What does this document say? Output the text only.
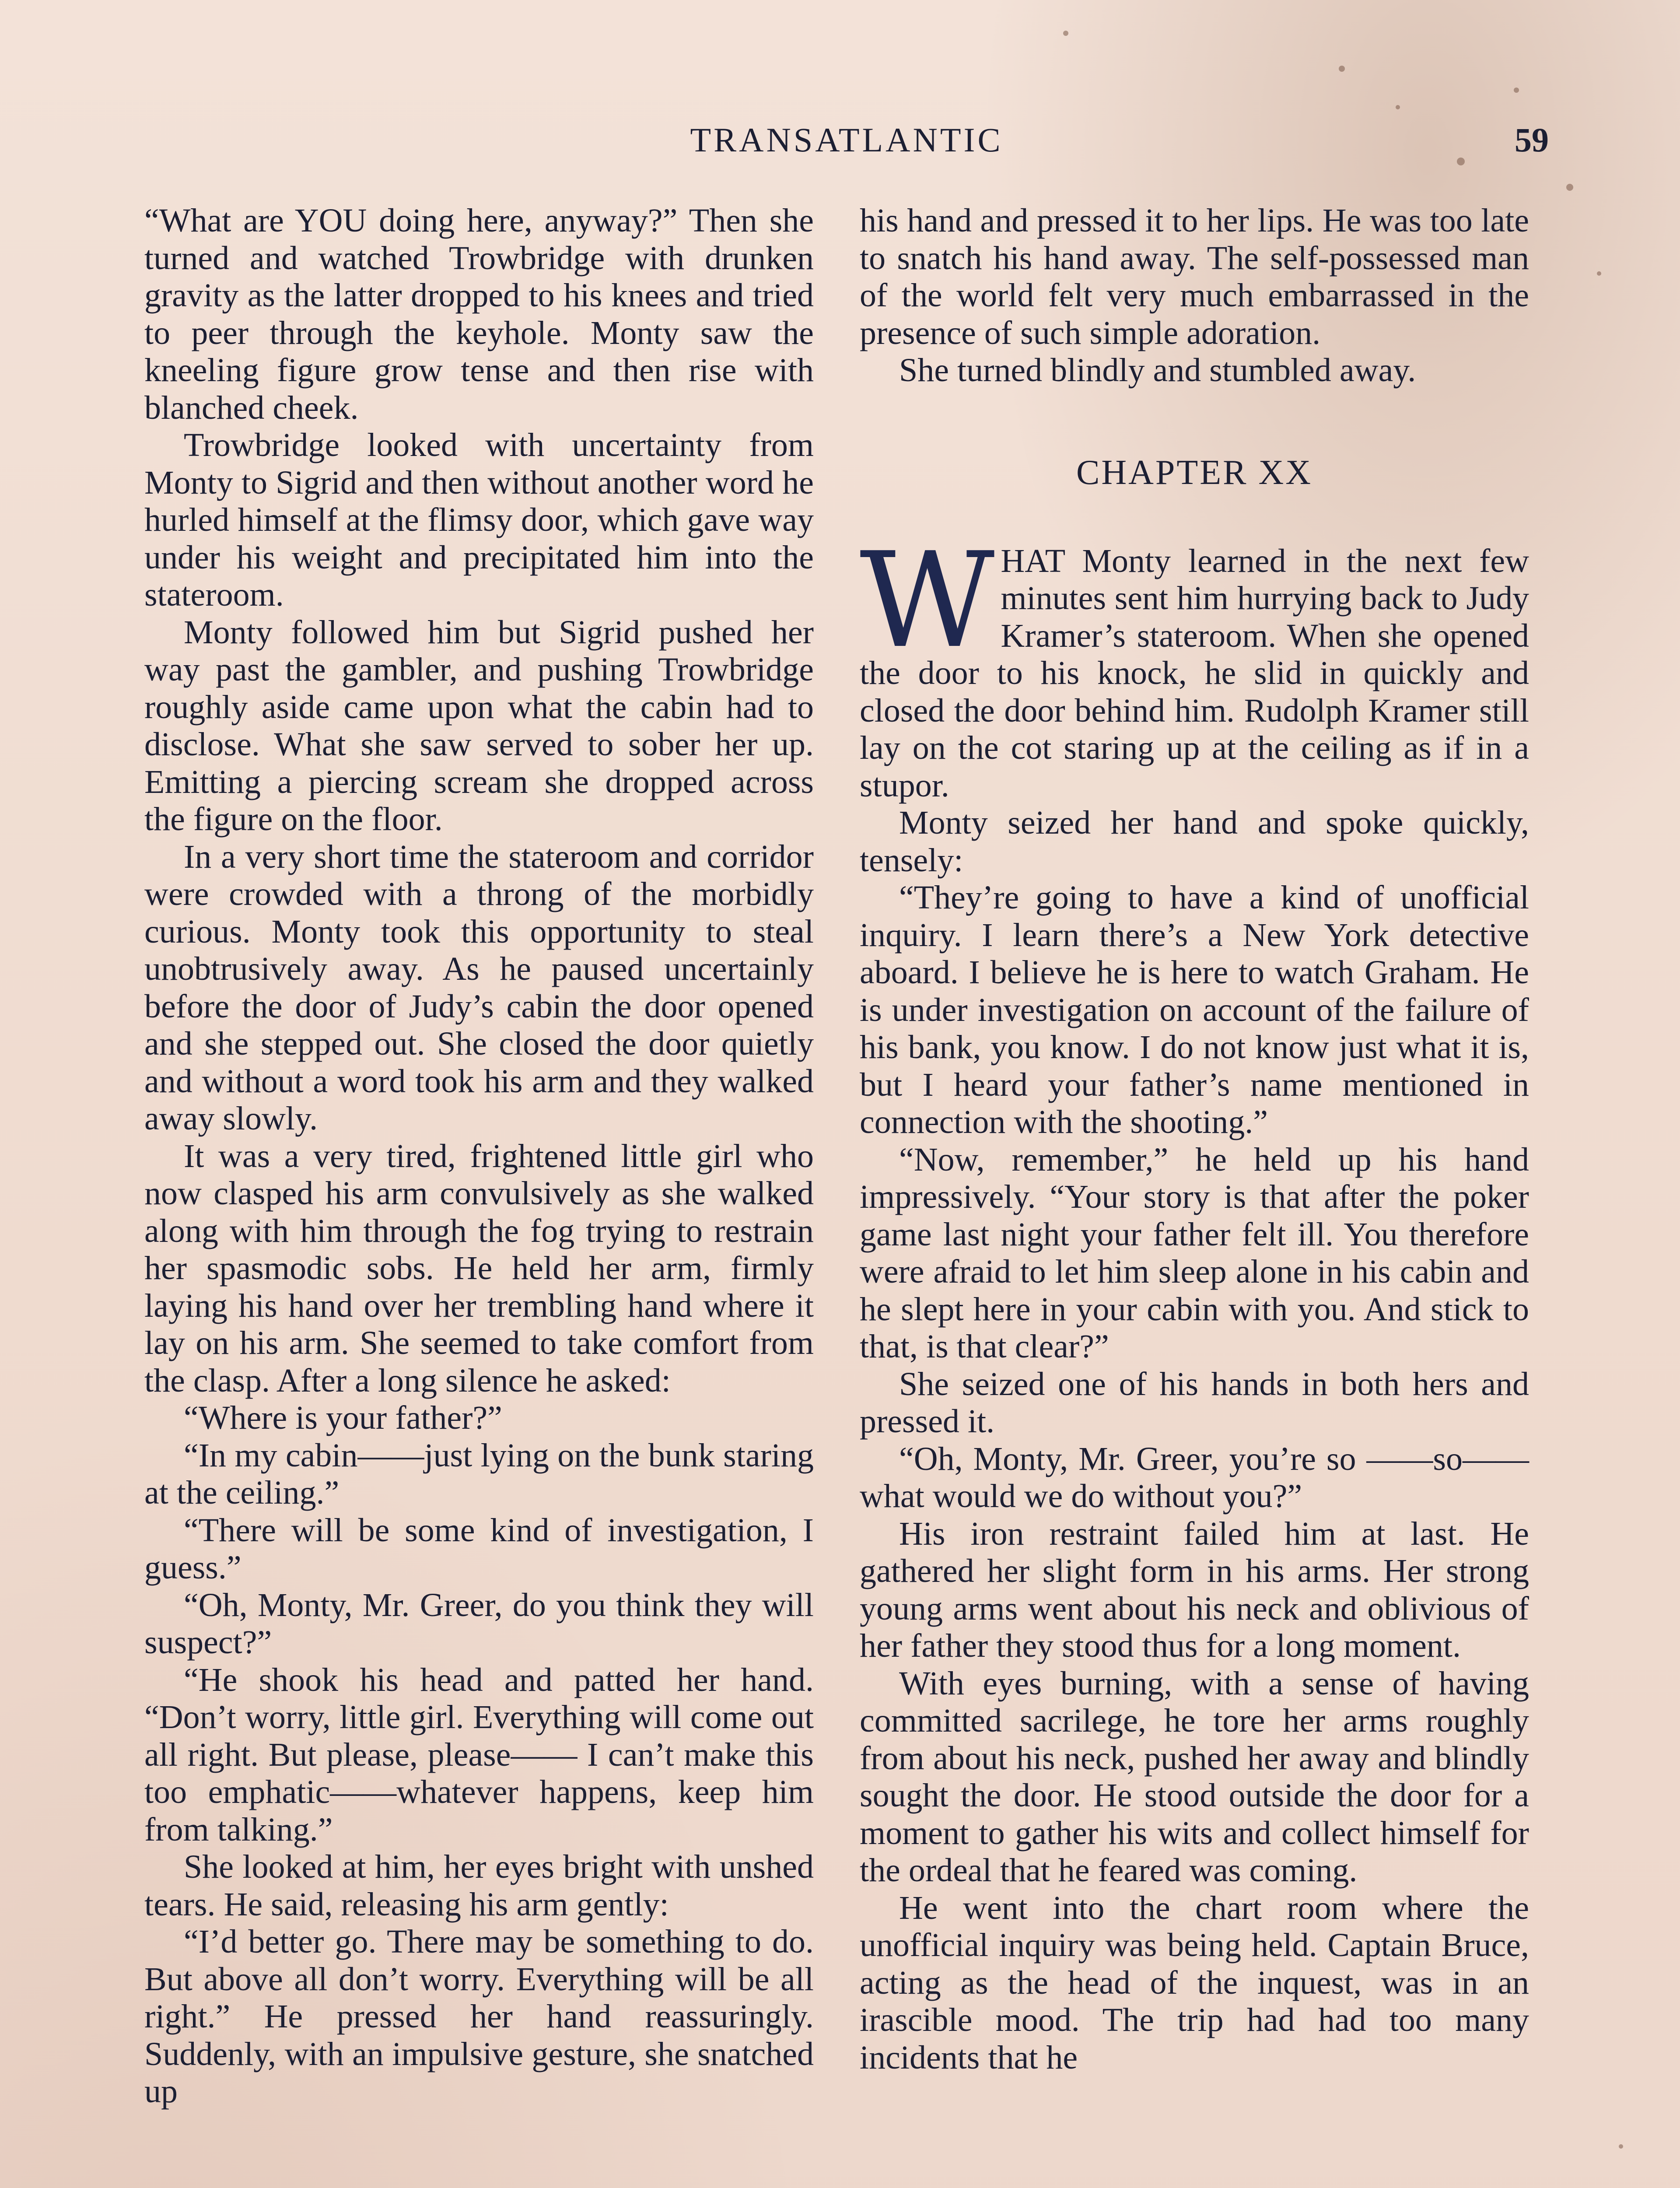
TRANSATLANTIC	59

“What are YOU doing here, anyway?” Then she turned and watched Trowbridge with drunken gravity as the latter dropped to his knees and tried to peer through the keyhole. Monty saw the kneeling figure grow tense and then rise with blanched cheek.

Trowbridge looked with uncertainty from Monty to Sigrid and then without another word he hurled himself at the flimsy door, which gave way under his weight and precipitated him into the stateroom.

Monty followed him but Sigrid pushed her way past the gambler, and pushing Trowbridge roughly aside came upon what the cabin had to disclose. What she saw served to sober her up. Emitting a piercing scream she dropped across the figure on the floor.

In a very short time the stateroom and corridor were crowded with a throng of the morbidly curious. Monty took this opportunity to steal unobtrusively away. As he paused uncertainly before the door of Judy’s cabin the door opened and she stepped out. She closed the door quietly and without a word took his arm and they walked away slowly.

It was a very tired, frightened little girl who now clasped his arm convulsively as she walked along with him through the fog trying to restrain her spasmodic sobs. He held her arm, firmly laying his hand over her trembling hand where it lay on his arm. She seemed to take comfort from the clasp. After a long silence he asked:

“Where is your father?”

“In my cabin——just lying on the bunk staring at the ceiling.”

“There will be some kind of investigation, I guess.”

“Oh, Monty, Mr. Greer, do you think they will suspect?”

“He shook his head and patted her hand. “Don’t worry, little girl. Everything will come out all right. But please, please—— I can’t make this too emphatic——whatever happens, keep him from talking.”

She looked at him, her eyes bright with unshed tears. He said, releasing his arm gently:

“I’d better go. There may be something to do. But above all don’t worry. Everything will be all right.” He pressed her hand reassuringly. Suddenly, with an impulsive gesture, she snatched up

his hand and pressed it to her lips. He was too late to snatch his hand away. The self-possessed man of the world felt very much embarrassed in the presence of such simple adoration.

She turned blindly and stumbled away.

CHAPTER XX

WHAT Monty learned in the next few minutes sent him hurrying back to Judy Kramer’s stateroom. When she opened the door to his knock, he slid in quickly and closed the door behind him. Rudolph Kramer still lay on the cot staring up at the ceiling as if in a stupor.

Monty seized her hand and spoke quickly, tensely:

“They’re going to have a kind of unofficial inquiry. I learn there’s a New York detective aboard. I believe he is here to watch Graham. He is under investigation on account of the failure of his bank, you know. I do not know just what it is, but I heard your father’s name mentioned in connection with the shooting.”

“Now, remember,” he held up his hand impressively. “Your story is that after the poker game last night your father felt ill. You therefore were afraid to let him sleep alone in his cabin and he slept here in your cabin with you. And stick to that, is that clear?”

She seized one of his hands in both hers and pressed it.

“Oh, Monty, Mr. Greer, you’re so ——so——what would we do without you?”

His iron restraint failed him at last. He gathered her slight form in his arms. Her strong young arms went about his neck and oblivious of her father they stood thus for a long moment.

With eyes burning, with a sense of having committed sacrilege, he tore her arms roughly from about his neck, pushed her away and blindly sought the door. He stood outside the door for a moment to gather his wits and collect himself for the ordeal that he feared was coming.

He went into the chart room where the unofficial inquiry was being held. Captain Bruce, acting as the head of the inquest, was in an irascible mood. The trip had had too many incidents that he
